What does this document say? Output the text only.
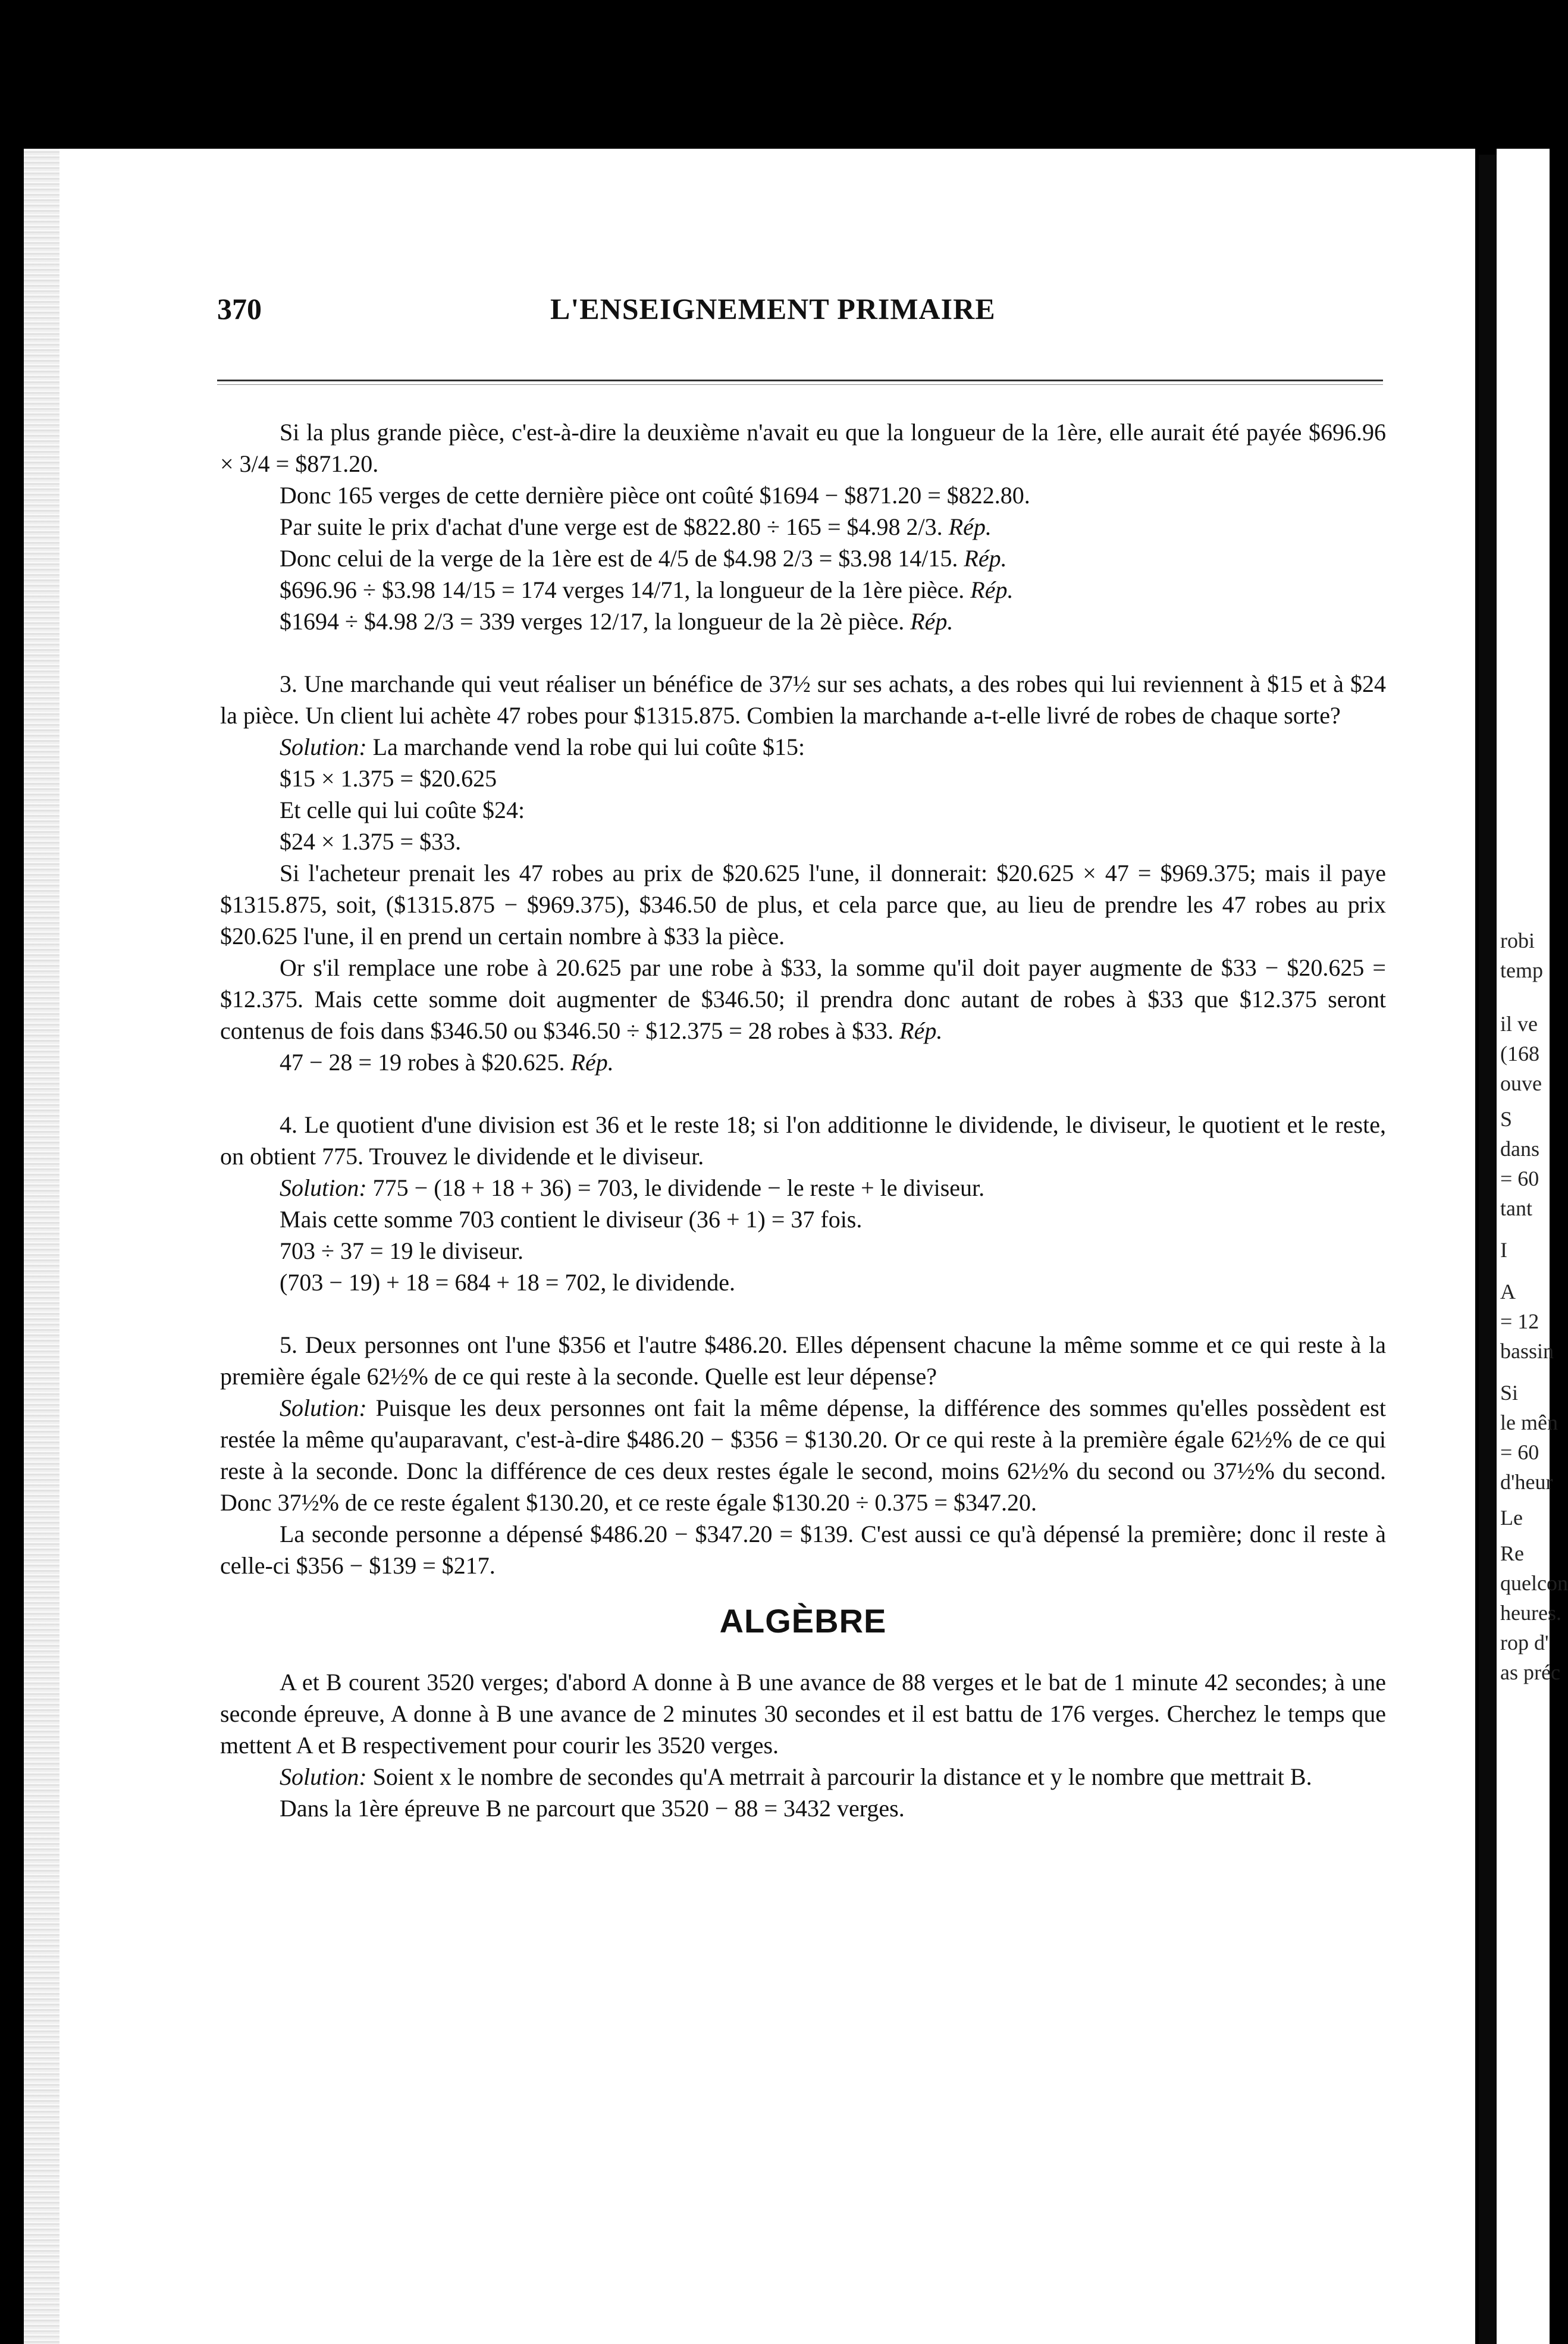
robi
temp
il ve
(168
ouve
S
dans
= 60
tant
I
A
= 12
bassin
Si
le mên
= 60
d'heur
Le
Re
quelcon
heures.
rop d'
as préc
370	L'ENSEIGNEMENT PRIMAIRE

Si la plus grande pièce, c'est-à-dire la deuxième n'avait eu que la longueur de la 1ère, elle aurait été payée $696.96 × 3/4 = $871.20.

Donc 165 verges de cette dernière pièce ont coûté $1694 − $871.20 = $822.80.
Par suite le prix d'achat d'une verge est de $822.80 ÷ 165 = $4.98 2/3. Rép.
Donc celui de la verge de la 1ère est de 4/5 de $4.98 2/3 = $3.98 14/15. Rép.
$696.96 ÷ $3.98 14/15 = 174 verges 14/71, la longueur de la 1ère pièce. Rép.
$1694 ÷ $4.98 2/3 = 339 verges 12/17, la longueur de la 2è pièce. Rép.

3. Une marchande qui veut réaliser un bénéfice de 37½ sur ses achats, a des robes qui lui reviennent à $15 et à $24 la pièce. Un client lui achète 47 robes pour $1315.875. Combien la marchande a-t-elle livré de robes de chaque sorte?

Solution: La marchande vend la robe qui lui coûte $15:
$15 × 1.375 = $20.625
Et celle qui lui coûte $24:
$24 × 1.375 = $33.

Si l'acheteur prenait les 47 robes au prix de $20.625 l'une, il donnerait: $20.625 × 47 = $969.375; mais il paye $1315.875, soit, ($1315.875 − $969.375), $346.50 de plus, et cela parce que, au lieu de prendre les 47 robes au prix $20.625 l'une, il en prend un certain nombre à $33 la pièce.

Or s'il remplace une robe à 20.625 par une robe à $33, la somme qu'il doit payer augmente de $33 − $20.625 = $12.375. Mais cette somme doit augmenter de $346.50; il prendra donc autant de robes à $33 que $12.375 seront contenus de fois dans $346.50 ou $346.50 ÷ $12.375 = 28 robes à $33. Rép.

47 − 28 = 19 robes à $20.625. Rép.

4. Le quotient d'une division est 36 et le reste 18; si l'on additionne le dividende, le diviseur, le quotient et le reste, on obtient 775. Trouvez le dividende et le diviseur.

Solution: 775 − (18 + 18 + 36) = 703, le dividende − le reste + le diviseur.
Mais cette somme 703 contient le diviseur (36 + 1) = 37 fois.
703 ÷ 37 = 19 le diviseur.
(703 − 19) + 18 = 684 + 18 = 702, le dividende.

5. Deux personnes ont l'une $356 et l'autre $486.20. Elles dépensent chacune la même somme et ce qui reste à la première égale 62½% de ce qui reste à la seconde. Quelle est leur dépense?

Solution: Puisque les deux personnes ont fait la même dépense, la différence des sommes qu'elles possèdent est restée la même qu'auparavant, c'est-à-dire $486.20 − $356 = $130.20. Or ce qui reste à la première égale 62½% de ce qui reste à la seconde. Donc la différence de ces deux restes égale le second, moins 62½% du second ou 37½% du second. Donc 37½% de ce reste égalent $130.20, et ce reste égale $130.20 ÷ 0.375 = $347.20.

La seconde personne a dépensé $486.20 − $347.20 = $139. C'est aussi ce qu'à dépensé la première; donc il reste à celle-ci $356 − $139 = $217.

ALGÈBRE

A et B courent 3520 verges; d'abord A donne à B une avance de 88 verges et le bat de 1 minute 42 secondes; à une seconde épreuve, A donne à B une avance de 2 minutes 30 secondes et il est battu de 176 verges. Cherchez le temps que mettent A et B respectivement pour courir les 3520 verges.

Solution: Soient x le nombre de secondes qu'A metrrait à parcourir la distance et y le nombre que mettrait B.

Dans la 1ère épreuve B ne parcourt que 3520 − 88 = 3432 verges.
